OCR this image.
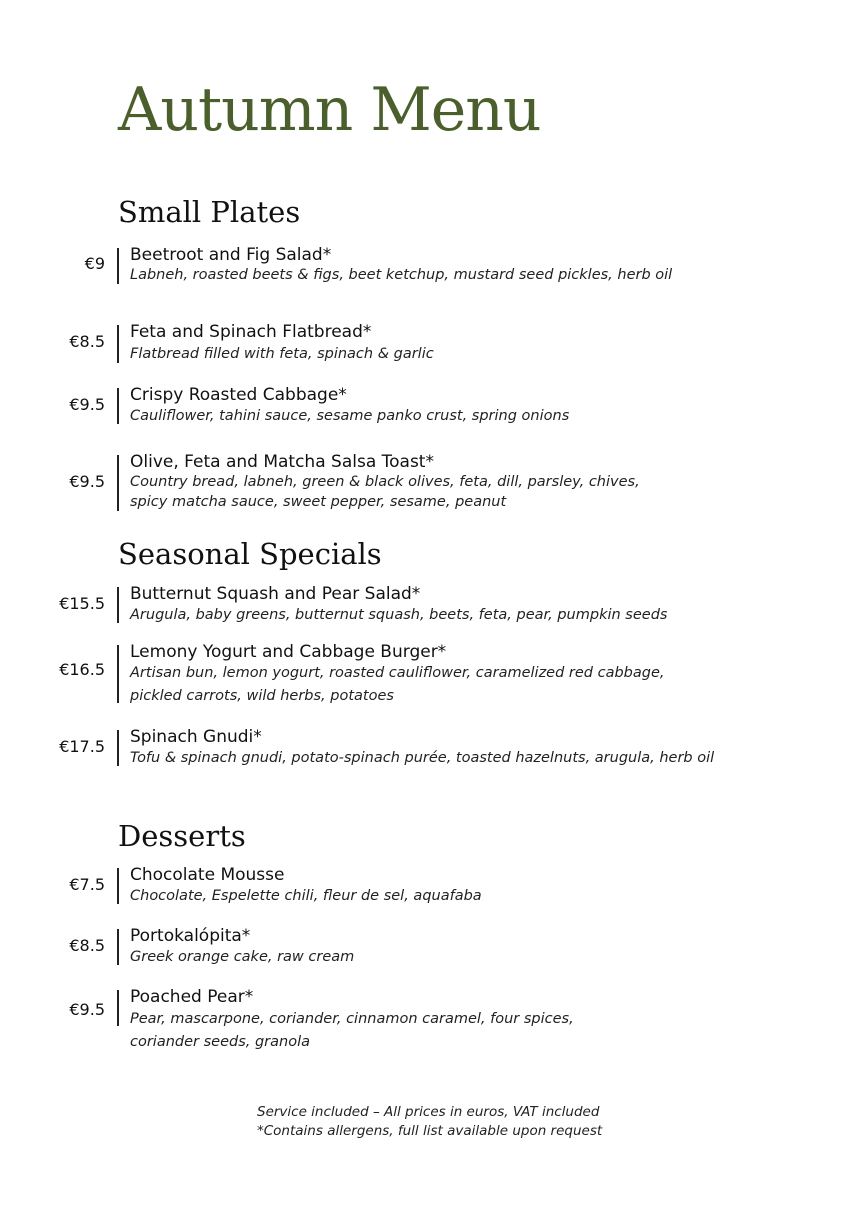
Autumn Menu
Small Plates
€9 Beetroot and Fig Salad*
Labneh, roasted beets & figs, beet ketchup, mustard seed pickles, herb oil
€8.5 Feta and Spinach Flatbread*
Flatbread filled with feta, spinach & garlic
€9.5 Crispy Roasted Cabbage*
Cauliflower, tahini sauce, sesame panko crust, spring onions
€9.5
Olive, Feta and Matcha Salsa Toast*
Country bread, labneh, green & black olives, feta, dill, parsley, chives, spicy matcha sauce, sweet pepper, sesame, peanut
Seasonal Specials
€15.5 Butternut Squash and Pear Salad*
Arugula, baby greens, butternut squash, beets, feta, pear, pumpkin seeds
€16.5
Lemony Yogurt and Cabbage Burger*
Artisan bun, lemon yogurt, roasted cauliflower, caramelized red cabbage, pickled carrots, wild herbs, potatoes
€17.5 Spinach Gnudi*
Tofu & spinach gnudi, potato-spinach purée, toasted hazelnuts, arugula, herb oil
Desserts
€7.5 Chocolate Mousse
Chocolate, Espelette chili, fleur de sel, aquafaba
€8.5 Portokalópita*
Greek orange cake, raw cream
€9.5
Poached Pear*
Pear, mascarpone, coriander, cinnamon caramel, four spices, coriander seeds, granola
Service included – All prices in euros, VAT included
*Contains allergens, full list available upon request
